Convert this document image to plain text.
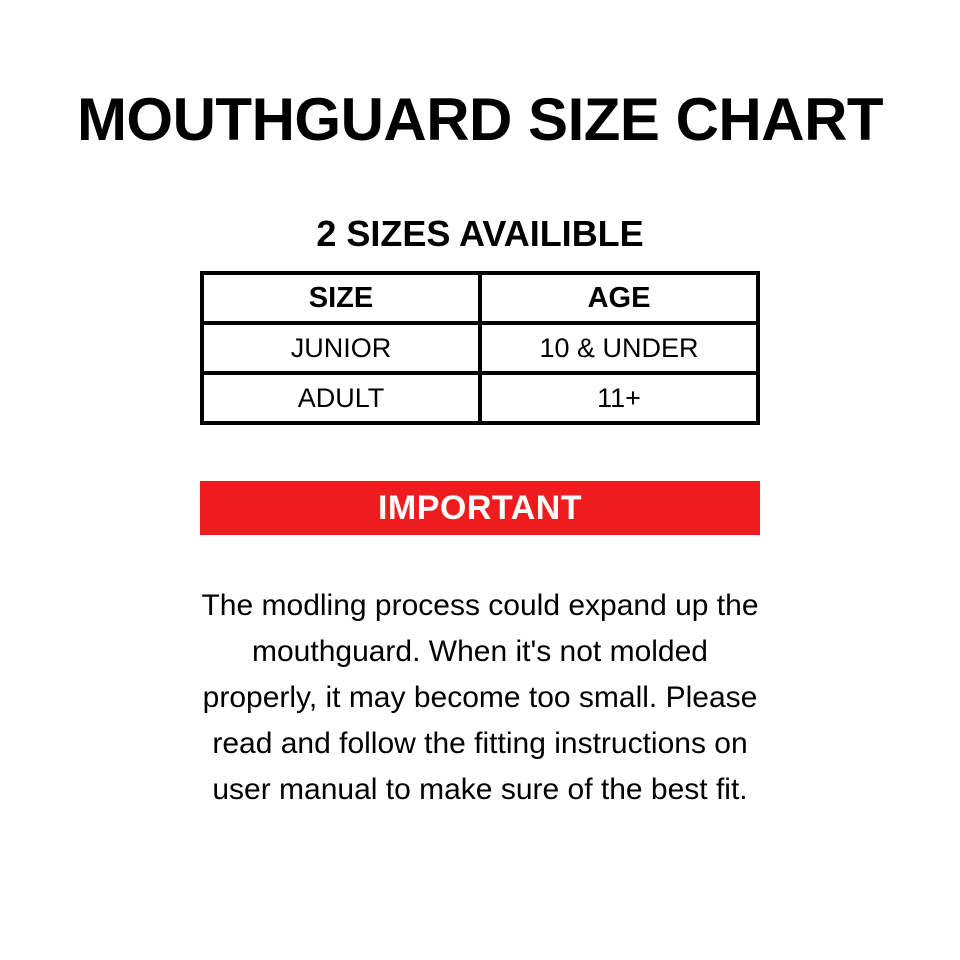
MOUTHGUARD SIZE CHART
2 SIZES AVAILIBLE
SIZE	AGE
JUNIOR	10 & UNDER
ADULT	11+
IMPORTANT
The modling process could expand up the mouthguard. When it's not molded properly, it may become too small. Please read and follow the fitting instructions on user manual to make sure of the best fit.
